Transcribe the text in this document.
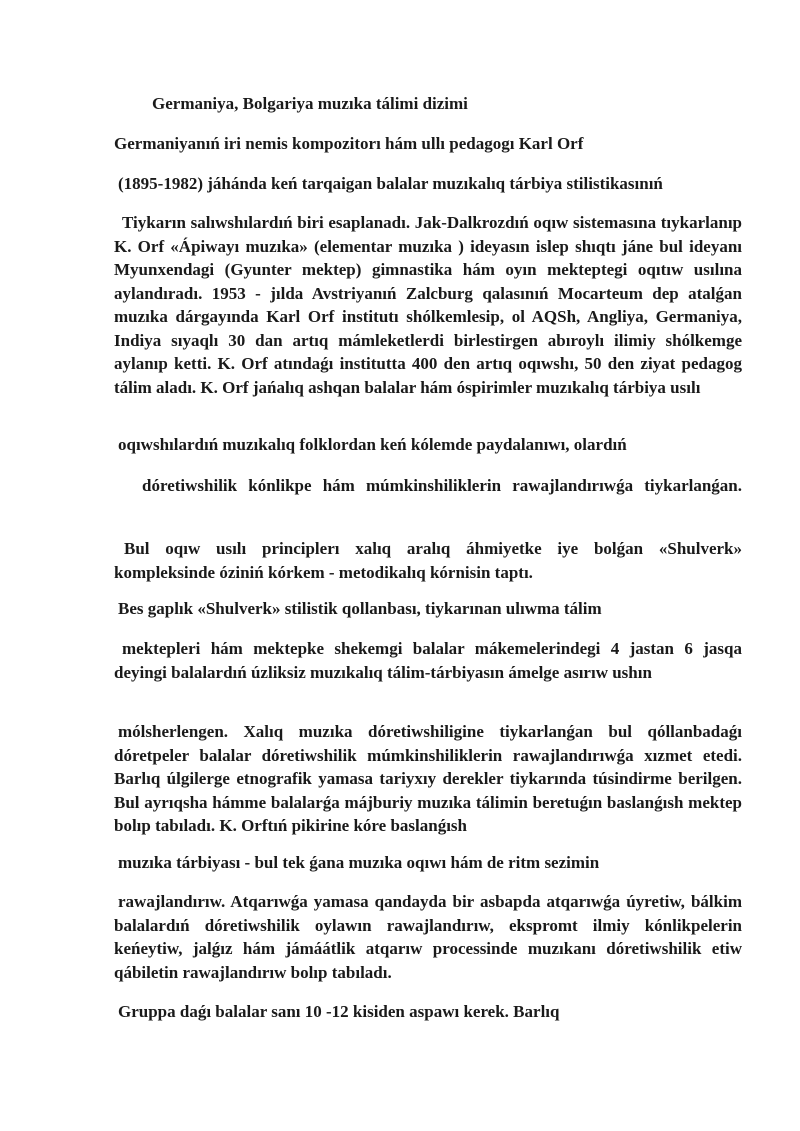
Germaniya, Bolgariya muzıka tálimi dizimi

Germaniyanıń iri nemis kompozitorı hám ullı pedagogı Karl Orf

(1895-1982) jáhánda keń tarqaigan balalar muzıkalıq tárbiya stilistikasınıń

Tiykarın salıwshılardıń biri esaplanadı. Jak-Dalkrozdıń oqıw sistemasına tıykarlanıp K. Orf «Ápiwayı muzıka» (elementar muzıka ) ideyasın islep shıqtı jáne bul ideyanı Myunxendagi (Gyunter mektep) gimnastika hám oyın mekteptegi oqıtıw usılına aylandıradı. 1953 - jılda Avstriyanıń Zalcburg qalasınıń Mocarteum dep atalǵan muzıka dárgayında Karl Orf institutı shólkemlesip, ol AQSh, Angliya, Germaniya, Indiya sıyaqlı 30 dan artıq mámleketlerdi birlestirgen abıroylı ilimiy shólkemge aylanıp ketti. K. Orf atındaǵı institutta 400 den artıq oqıwshı, 50 den ziyat pedagog tálim aladı. K. Orf jańalıq ashqan balalar hám óspirimler muzıkalıq tárbiya usılı

oqıwshılardıń muzıkalıq folklordan keń kólemde paydalanıwı, olardıń

dóretiwshilik kónlikpe hám múmkinshiliklerin rawajlandırıwǵa tiykarlanǵan.

Bul oqıw usılı principlerı xalıq aralıq áhmiyetke iye bolǵan «Shulverk» kompleksinde óziniń kórkem - metodikalıq kórnisin taptı.

Bes gaplık «Shulverk» stilistik qollanbası, tiykarınan ulıwma tálim

mektepleri hám mektepke shekemgi balalar mákemelerindegi 4 jastan 6 jasqa deyingi balalardıń úzliksiz muzıkalıq tálim-tárbiyasın ámelge asırıw ushın

mólsherlengen. Xalıq muzıka dóretiwshiligine tiykarlanǵan bul qóllanbadaǵı dóretpeler balalar dóretiwshilik múmkinshiliklerin rawajlandırıwǵa xızmet etedi. Barlıq úlgilerge etnografik yamasa tariyxıy derekler tiykarında túsindirme berilgen. Bul ayrıqsha hámme balalarǵa májburiy muzıka tálimin beretuǵın baslanǵısh mektep bolıp tabıladı. K. Orftıń pikirine kóre baslanǵısh

muzıka tárbiyası - bul tek ǵana muzıka oqıwı hám de ritm sezimin

rawajlandırıw. Atqarıwǵa yamasa qandayda bir asbapda atqarıwǵa úyretiw, bálkim balalardıń dóretiwshilik oylawın rawajlandırıw, ekspromt ilmiy kónlikpelerin keńeytiw, jalǵız hám jámáátlik atqarıw processinde muzıkanı dóretiwshilik etiw qábiletin rawajlandırıw bolıp tabıladı.

Gruppa daǵı balalar sanı 10 -12 kisiden aspawı kerek. Barlıq
